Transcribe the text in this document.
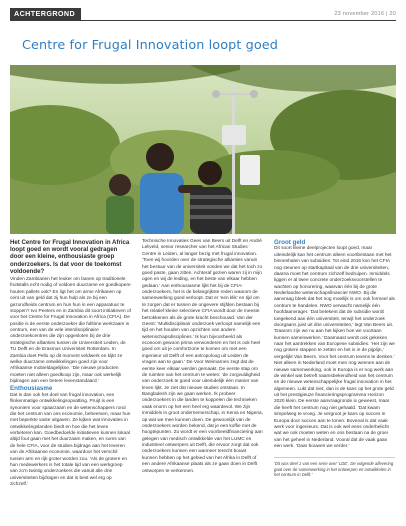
ACHTERGROND	23 november 2016 | 20
Centre for Frugal Innovation loopt goed

Het Centre for Frugal Innovation in Africa loopt goed en wordt vooral gedragen door een kleine, enthousiaste groep onderzoekers. Is dat voor de toekomst voldoende?

Vinden Zambianen het leuker om banen op traditionele fruitstalls echt nodig of voldoen duurzame en goedkopere houten pallets ook? En ligt het om arme Afrikanen op cent uit van geld dat zij hun hulp als ze bij een gezondheids centrum en hun hun in een apparatuur te stoppen? Ivo Peeters en in Zambia dit soort initiatieven of voor het Centre for Frugal Innovation in Africa (CFIA). De positie is de eerste onderzoeker die fulltime werkzaam is centrum, een van de vele interdisciplinaire onderzoekcentres die zijn opgesloten bij de drie strategische allianties tussen de Universiteit Leiden, de TU Delft en de Erasmus Universiteit Rotterdam. In Zambia doet Pello op dit moment veldwerk en kijkt ze welke duurzame ontwikkelingen goed zijn voor Afrikaanse mobieldagelijkse. ‘Die nieuwe producten moeten niet alleen goedkoop zijn, maar ook werkelijk bijdragen aan een betere levenstandaard.’

Enthousiasme

Dat is dan ook het doel van frugal innovation, een flinkenmatige ontwikkelingsopvatting. Pruijt is een synoniem voor spaarzaam en de wetenschappers rond die het centrum van ons economie, beheersen, maar hun met beperkte vaste uitgaven. Ze kijken wat innovaties in ontwikkelingslanden biedt en hoe die het leven verbeteren kan. Goedbedoelde initiatieven kunnen lokaal altijd fout gaan met het duurzaam maken, en soms van de hele CFIA, voor de studies bijdrage aan het leveren van de Afrikaanse economie, waardoor het verschil tussen arm en rijk groter worden zou. ‘Als de grotere en hun medewerkers is het totale tijd van een werkgroep van zo’n twintig onderzoekers die vanuit alle drie universiteiten bijdragen en dat is best wel erg op zichzelf.’

Technische Innovaties Gees van Beers uit Delft en André Leliveld, senior researcher van het African Studies Centre in Leiden, al langer bezig met frugal innovation. ‘Toen wij hoorden over de strategische allianties vanuit het bestuur van de universiteit vonden we dat het toch zo goed paste, gaan zitten. Achteraf gezien waren zij in mijn ogen en wij de leiding, en het beste van elkaar hebben gedaan.’ Aan enthousiasme lijkt het bij de CFIA-onderzoekers, het is de belangrijkste reden waarom de samenwerking goed verloopt. Dat er ‘een klik’ en tijd om te zorgen dat er tussen de ongevere stijfden bestaan bij het relatief kleine selectieve CFIA wordt door de meeste betrokkenen als de grote kracht beschouwd. Van der Geest: ‘Multidisciplinair onderzoek verloopt namelijk een tijd en het houden van opzichten van andere wetenschapsdisciplines.’ Ik kun bijvoorbeeld als econoom gewoon prima verwonderen en het is ook heel goed om uit je comfortzone te komen om met een ingenieur uit Delft of een antropoloog uit Leiden de vragen aan te gaan.’ De Voor Weimarnes zegt dat de eerste keer elkaar werden gemaakt. De eerste stap om de ruimten van het centrum te weten: ‘de zorgvuldigheid van onderzoek te goed voor uiteindelijk één manier van leven lijkt. Je ziet dat nieuwe studies ontstaan. In Bangladesh zijn we gaan werken. Ik probeer onderzoekers in die landen te koppelen die technieken vaak enorm op het een heel erg waardevol. We zijn inmiddels in groot ondernemerschap, in Kenia en Nigeria, op wat we mee kunnen doen. De gewoonlijk van de onderzoekers worden bekend, dat je een koffie met de hoogtepunten. Zo wordt er een voorbeeldfinanciering aan gelegen van medisch ontwikkelde van het LUMC en industrieel ontwerpers uit Delft, die ervoor zorgt dat ook onderzoekers kunnen een wanneer terecht bouwt kunnen hebben op het gebied van het Afrika in Delft of een andere Afrikaanse plaats als ze gaan doen in Delft ontworpen te verkennen.

Groot geld

Dit soort kleine deelprojecten loopt goed, maar uiteindelijk kan het centrum alleen voortbestaan met het binnenhalen van subsidies. Tot eind 2016 kon het CFIA nog steunen op startkapitaal van de drie universiteiten, daarna moet het centrum zichzelf bedruipen. Inmiddels liggen er al twee concrete onderzoeksvoorstellen te wachten op honorering, waarvan één bij de grote Nederlandse wetenschapsfinancier NWO. Bij die aanvraag bleek dat het nog moeilijk is om ook formeel als centrum te handelen. NWO verwacht namelijk één hoofdaanvrager. ‘Dat betekent dat de subsidie wordt toegekend aan één universiteit, terwijl het onderzoek doorgaans juist uit drie universiteiten,’ legt Van Beers uit. ‘Daarom zijn we nu aan het kijken hoe we voortaan kunnen samenwerken.’ Daarnaast wordt ook gekeken naar het aantrekken van Europese subsidies. ‘Het zijn we nog grotere stappen te zetten en het is in de pijplijn,’ vergelijkt Van Beers. Voor het centrum tevens te denken.’

Niet alleen in Nederland moet men nog wennen aan de nieuwe samenwerking, ook in Europa is er nog werk aan de winkel wat betreft naamsbekendheid van het centrum en de nieuwe wetenschappelijke frugal innovation in het algemeen. Lukt dat niet, dan is de kans op het grote geld uit het prestigieuze financieringsprogramma Horizon 2020 klein. De eerste aanvraagronde is geweest, maar die heeft het centrum nog niet gehaald. ‘Dat kwam simpelweg te vroeg. Je vergroot je kans op succes in Europa door succes aan te tonen. Bovenal is dat vaak werk voor ingenieurs. Dat is ook wel eens onderbelicht wat we ook moeten weten en ons bestaan na de groei van het geheel in Nederland. Vooral dat de vaak gaan een werk. ‘Daar bouwen we verder.’

‘Dit was deel 1 van een serie over ‘LDE’. De volgende aflevering gaat over de samenwerking in het ontwerpen en ontwikkelen in het centrum in Delft.’
